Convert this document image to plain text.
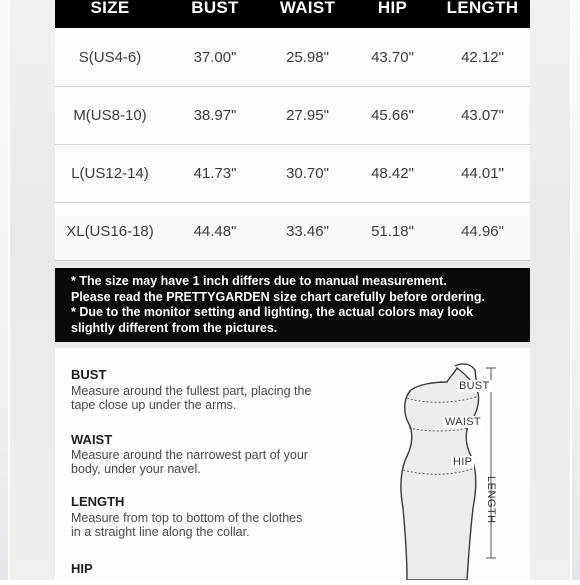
SIZE	BUST	WAIST	HIP	LENGTH
S(US4-6)	37.00"	25.98"	43.70"	42.12"
M(US8-10)	38.97"	27.95"	45.66"	43.07"
L(US12-14)	41.73"	30.70"	48.42"	44.01"
XL(US16-18)	44.48"	33.46"	51.18"	44.96"
* The size may have 1 inch differs due to manual measurement.
Please read the PRETTYGARDEN size chart carefully before ordering.
* Due to the monitor setting and lighting, the actual colors may look
slightly different from the pictures.
BUST
Measure around the fullest part, placing the
tape close up under the arms.
WAIST
Measure around the narrowest part of your
body, under your navel.
LENGTH
Measure from top to bottom of the clothes
in a straight line along the collar.
HIP
BUST
WAIST
HIP
LENGTH
